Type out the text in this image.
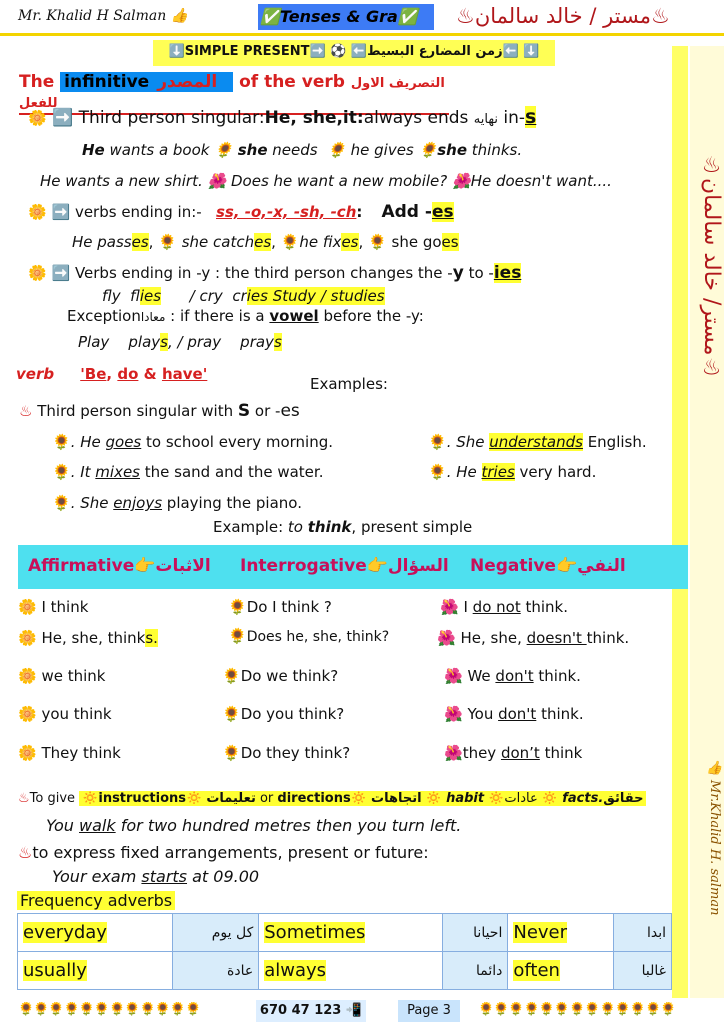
Mr. Khalid H Salman 👍	✅Tenses & Gra✅	♨مستر / خالد سالمان♨
♨مستر/ خالد سالمان♨
👍 Mr.Khalid H. salman
⬇️SIMPLE PRESENT➡️ ⚽ ⬅️زمن المضارع البسيط⬅️ ⬇️
The infinitive المصدر of the verb التصريف الاول للفعل
🌼 ➡️ Third person singular:He, she,it:always ends نهايه in-s
He wants a book 🌻 she needs 🌻 he gives 🌻she thinks.
He wants a new shirt. 🌺 Does he want a new mobile? 🌺He doesn't want....
🌼 ➡️ verbs ending in:- ss, -o,-x, -sh, -ch: Add -es
He passes, 🌻 she catches, 🌻he fixes, 🌻 she goes
🌼 ➡️ Verbs ending in -y : the third person changes the -y to -ies
fly flies / cry cries Study / studies
Exceptionمعادا : if there is a vowel before the -y:
Play plays, / pray prays
verb 'Be, do & have'
Examples:
♨ Third person singular with S or -es
🌻. He goes to school every morning.	🌻. She understands English.
🌻. It mixes the sand and the water.	🌻. He tries very hard.
🌻. She enjoys playing the piano.
Example: to think, present simple
Affirmative👉الاثبات Interrogative👉السؤال Negative👉النفي
🌼 I think	🌻Do I think ?	🌺 I do not think.
🌼 He, she, thinks.	🌻Does he, she, think?	🌺 He, she, doesn't think.
🌼 we think	🌻Do we think?	🌺 We don't think.
🌼 you think	🌻Do you think?	🌺 You don't think.
🌼 They think	🌻Do they think?	🌺they don’t think
♨To give 🔅instructions🔅 تعليمات or directions🔅 اتجاهات 🔅 habit 🔅عادات 🔅 facts.حقائق
You walk for two hundred metres then you turn left.
♨to express fixed arrangements, present or future:
Your exam starts at 09.00
Frequency adverbs
everyday	كل يوم	Sometimes	احيانا	Never	ابدا
usually	عادة	always	دائما	often	غالبا
🌻🌻🌻🌻🌻🌻🌻🌻🌻🌻🌻🌻	670 47 123 📲	Page 3	🌻🌻🌻🌻🌻🌻🌻🌻🌻🌻🌻🌻🌻
